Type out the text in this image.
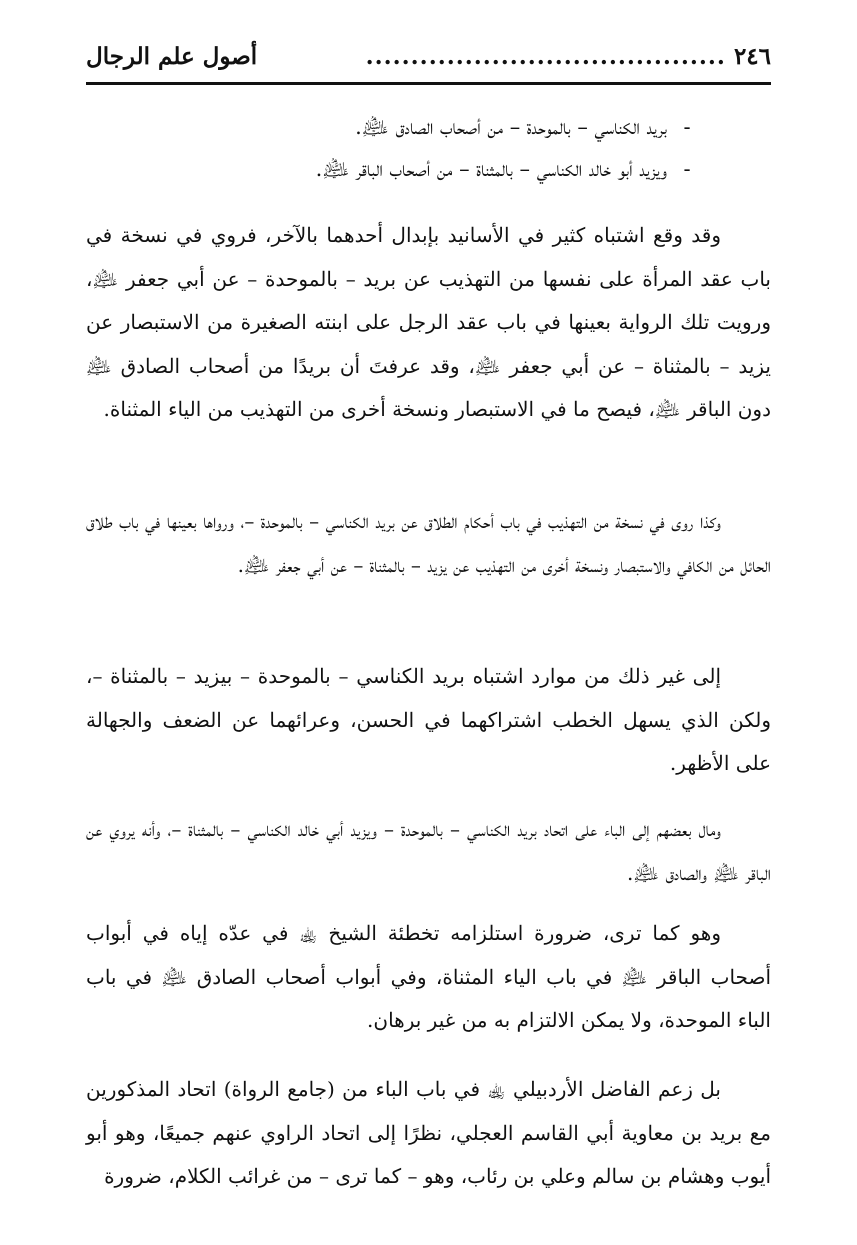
٢٤٦
........................................
أصول علم الرجال
-
بريد الكناسي – بالموحدة – من أصحاب الصادق ﵇.
-
ويزيد أبو خالد الكناسي – بالمثناة – من أصحاب الباقر ﵇.

وقد وقع اشتباه كثير في الأسانيد بإبدال أحدهما بالآخر، فروي في نسخة في باب عقد المرأة على نفسها من التهذيب عن بريد – بالموحدة – عن أبي جعفر ﵇، ورويت تلك الرواية بعينها في باب عقد الرجل على ابنته الصغيرة من الاستبصار عن يزيد – بالمثناة – عن أبي جعفر ﵇، وقد عرفتَ أن بريدًا من أصحاب الصادق ﵇ دون الباقر ﵇، فيصح ما في الاستبصار ونسخة أخرى من التهذيب من الياء المثناة.

وكذا روى في نسخة من التهذيب في باب أحكام الطلاق عن بريد الكناسي – بالموحدة –، ورواها بعينها في باب طلاق الحائل من الكافي والاستبصار ونسخة أخرى من التهذيب عن يزيد – بالمثناة – عن أبي جعفر ﵇.

إلى غير ذلك من موارد اشتباه بريد الكناسي – بالموحدة – بيزيد – بالمثناة –، ولكن الذي يسهل الخطب اشتراكهما في الحسن، وعرائهما عن الضعف والجهالة على الأظهر.

ومال بعضهم إلى الباء على اتحاد بريد الكناسي – بالموحدة – ويزيد أبي خالد الكناسي – بالمثناة –، وأنه يروي عن الباقر ﵇ والصادق ﵇.

وهو كما ترى، ضرورة استلزامه تخطئة الشيخ ﵀ في عدّه إياه في أبواب أصحاب الباقر ﵇ في باب الياء المثناة، وفي أبواب أصحاب الصادق ﵇ في باب الباء الموحدة، ولا يمكن الالتزام به من غير برهان.

بل زعم الفاضل الأردبيلي ﵀ في باب الباء من (جامع الرواة) اتحاد المذكورين مع بريد بن معاوية أبي القاسم العجلي، نظرًا إلى اتحاد الراوي عنهم جميعًا، وهو أبو أيوب وهشام بن سالم وعلي بن رئاب، وهو – كما ترى – من غرائب الكلام، ضرورة
